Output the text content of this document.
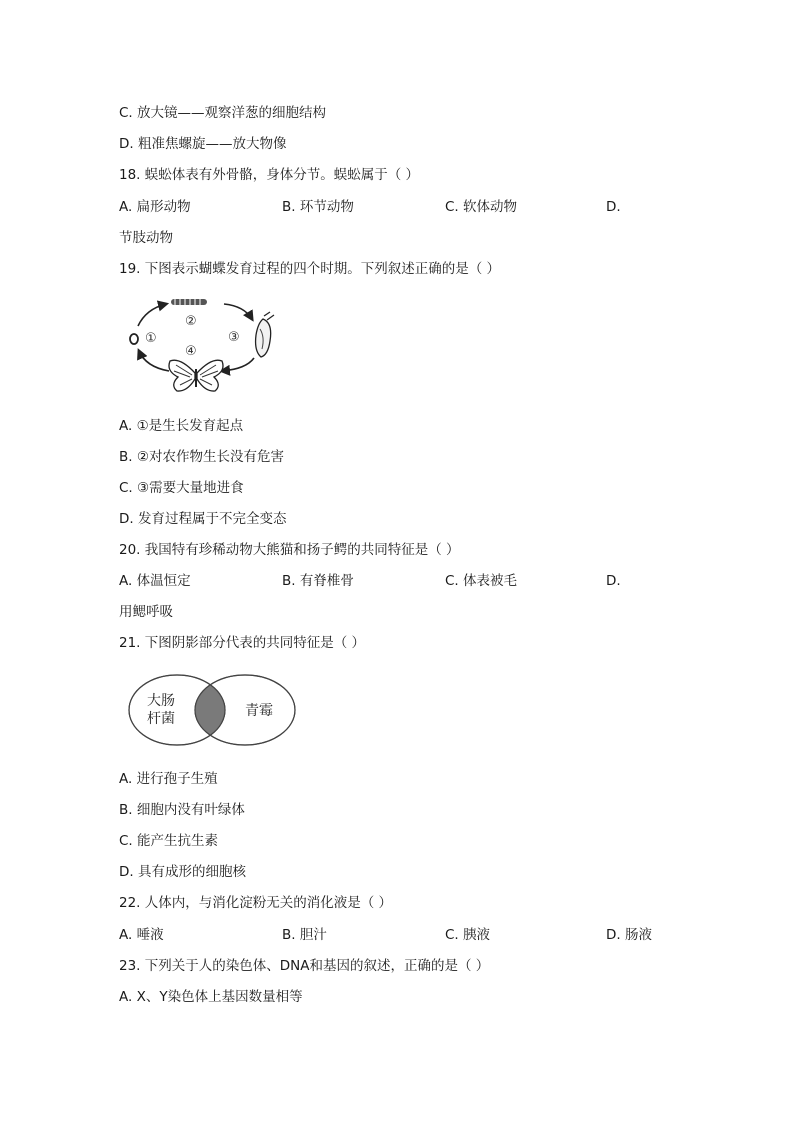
C. 放大镜——观察洋葱的细胞结构
D. 粗准焦螺旋——放大物像
18. 蜈蚣体表有外骨骼，身体分节。蜈蚣属于（ ）
A. 扁形动物	B. 环节动物	C. 软体动物	D.
节肢动物
19. 下图表示蝴蝶发育过程的四个时期。下列叙述正确的是（ ）
①
②
③
④
A. ①是生长发育起点
B. ②对农作物生长没有危害
C. ③需要大量地进食
D. 发育过程属于不完全变态
20. 我国特有珍稀动物大熊猫和扬子鳄的共同特征是（ ）
A. 体温恒定	B. 有脊椎骨	C. 体表被毛	D.
用鳃呼吸
21. 下图阴影部分代表的共同特征是（ ）
大肠
杆菌	青霉
A. 进行孢子生殖
B. 细胞内没有叶绿体
C. 能产生抗生素
D. 具有成形的细胞核
22. 人体内，与消化淀粉无关的消化液是（ ）
A. 唾液	B. 胆汁	C. 胰液	D. 肠液
23. 下列关于人的染色体、DNA和基因的叙述，正确的是（ ）
A. X、Y染色体上基因数量相等
